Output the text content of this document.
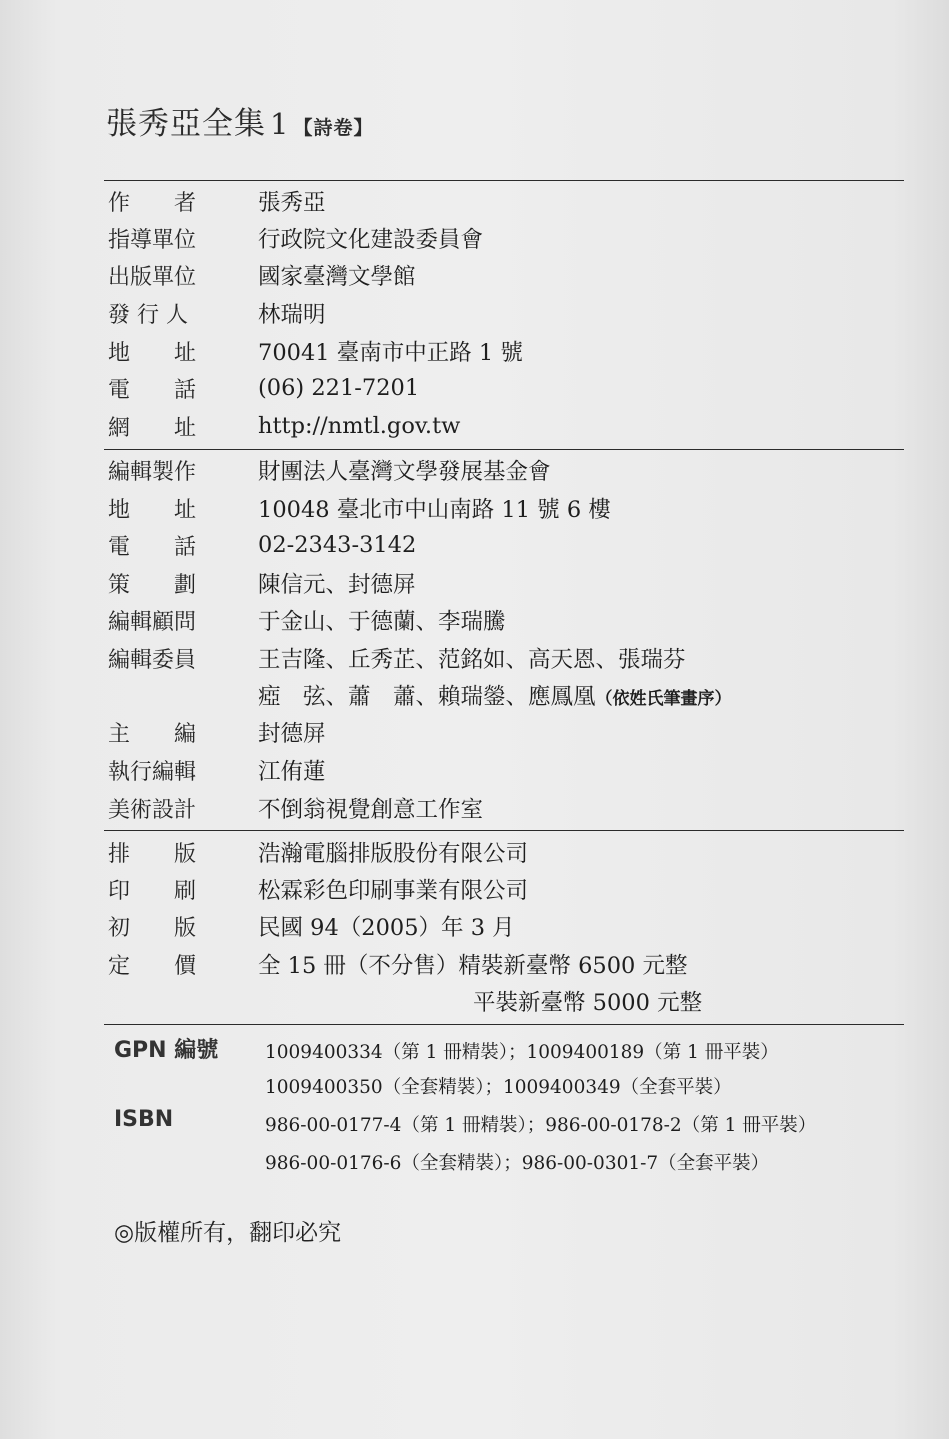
張秀亞全集 1 【詩卷】
作　　者	張秀亞
指導單位	行政院文化建設委員會
出版單位	國家臺灣文學館
發 行 人	林瑞明
地　　址	70041 臺南市中正路 1 號
電　　話	(06) 221-7201
網　　址	http://nmtl.gov.tw
編輯製作	財團法人臺灣文學發展基金會
地　　址	10048 臺北市中山南路 11 號 6 樓
電　　話	02-2343-3142
策　　劃	陳信元、封德屏
編輯顧問	于金山、于德蘭、李瑞騰
編輯委員	王吉隆、丘秀芷、范銘如、高天恩、張瑞芬
瘂　弦、蕭　蕭、賴瑞鎣、應鳳凰（依姓氏筆畫序）
主　　編	封德屏
執行編輯	江侑蓮
美術設計	不倒翁視覺創意工作室
排　　版	浩瀚電腦排版股份有限公司
印　　刷	松霖彩色印刷事業有限公司
初　　版	民國 94（2005）年 3 月
定　　價	全 15 冊（不分售）精裝新臺幣 6500 元整
平裝新臺幣 5000 元整
GPN 編號	1009400334（第 1 冊精裝）；1009400189（第 1 冊平裝）
1009400350（全套精裝）；1009400349（全套平裝）
ISBN	986-00-0177-4（第 1 冊精裝）；986-00-0178-2（第 1 冊平裝）
986-00-0176-6（全套精裝）；986-00-0301-7（全套平裝）
◎版權所有，翻印必究
